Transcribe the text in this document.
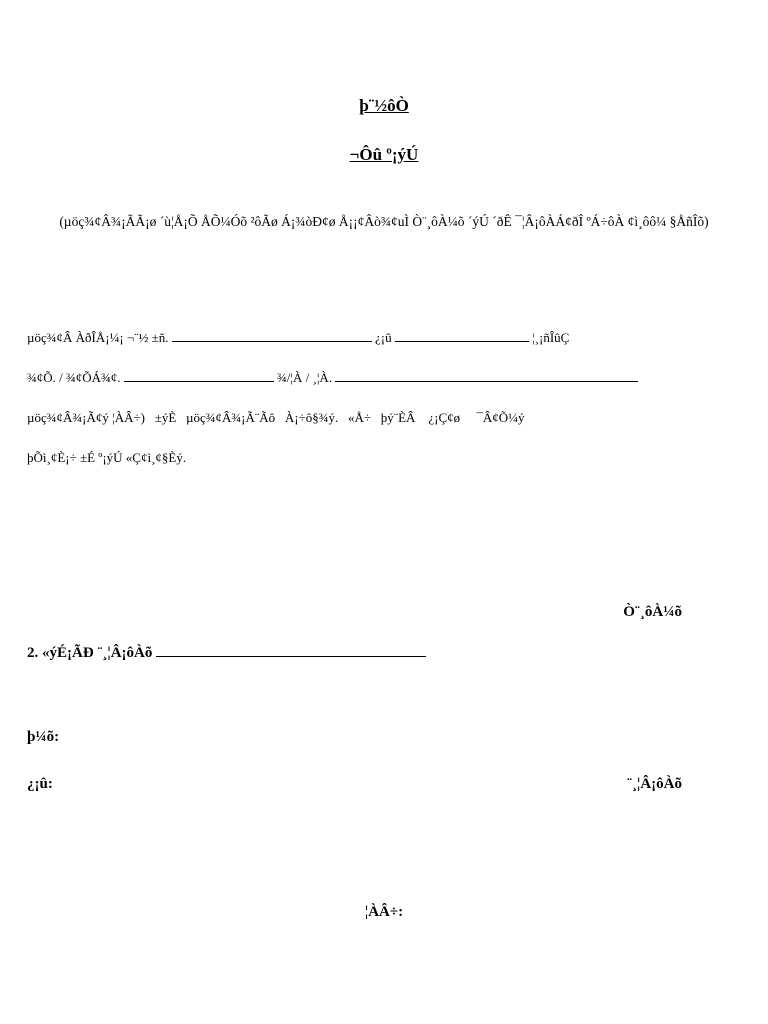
þ¨½ôÒ
¬Ôû º¡ýÚ
(µöç¾¢Â¾¡ÃÃ¡ø ´ù¦Å¡Õ ÅÕ¼Óõ ²ôÃø Á¡¾òÐ¢ø Å¡¡¢Âò¾¢uÌ Ò¨¸ôÀ¼õ ´ýÚ ´ðÊ ¯¦Â¡ôÀÁ¢ðÎ ºÁ÷ôÀ ¢ì¸ôô¼ §ÅñÎõ)
µöç¾¢Â ÀðÎÅ¡¼¡ ¬¨½ ±ñ.	¿¡û	¦¸¡ñÎûÇ
¾¢Õ. / ¾¢ÕÁ¾¢.	¾/¦À / ¸¦À.
µöç¾¢Â¾¡Ã¢ý ¦ÀÂ÷)   ±ýÈ   µöç¾¢Â¾¡Ã¨Ãô   À¡÷ô§¾ý.   «Å÷   þý¨ÈÂ    ¿¡Ç¢ø     ¯Â¢Õ¼ý
þÕì¸¢È¡÷ ±É º¡ýÚ «Ç¢ì¸¢§Èý.
Ò¨¸ôÀ¼õ
2. «ýÉ¡ÃÐ ¨¸¦Â¡ôÀõ
þ¼õ:
¿¡û:	¨¸¦Â¡ôÀõ
¦ÀÂ÷:
